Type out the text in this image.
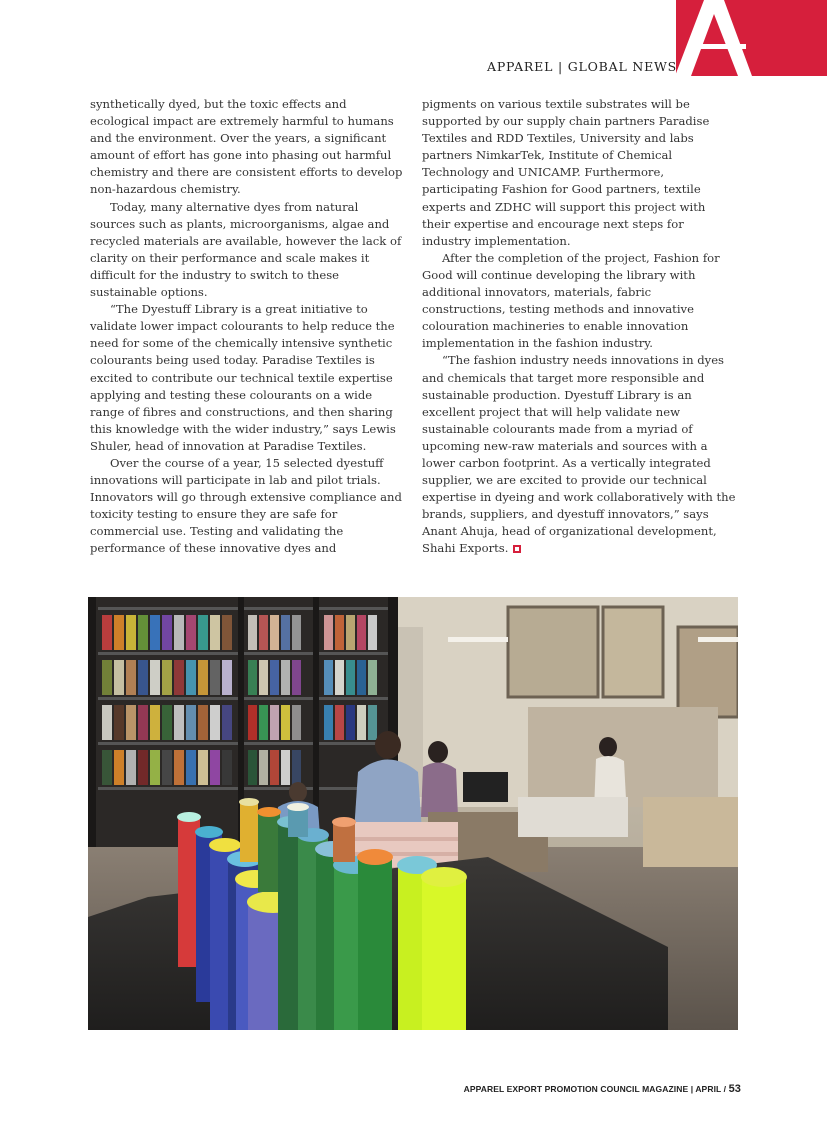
APPAREL | GLOBAL NEWS

synthetically dyed, but the toxic effects and ecological impact are extremely harmful to humans and the environment. Over the years, a significant amount of effort has gone into phasing out harmful chemistry and there are consistent efforts to develop non-hazardous chemistry.

Today, many alternative dyes from natural sources such as plants, microorganisms, algae and recycled materials are available, however the lack of clarity on their performance and scale makes it difficult for the industry to switch to these sustainable options.

“The Dyestuff Library is a great initiative to validate lower impact colourants to help reduce the need for some of the chemically intensive synthetic colourants being used today. Paradise Textiles is excited to contribute our technical textile expertise applying and testing these colourants on a wide range of fibres and constructions, and then sharing this knowledge with the wider industry,” says Lewis Shuler, head of innovation at Paradise Textiles.

Over the course of a year, 15 selected dyestuff innovations will participate in lab and pilot trials. Innovators will go through extensive compliance and toxicity testing to ensure they are safe for commercial use. Testing and validating the performance of these innovative dyes and

pigments on various textile substrates will be supported by our supply chain partners Paradise Textiles and RDD Textiles, University and labs partners NimkarTek, Institute of Chemical Technology and UNICAMP. Furthermore, participating Fashion for Good partners, textile experts and ZDHC will support this project with their expertise and encourage next steps for industry implementation.

After the completion of the project, Fashion for Good will continue developing the library with additional innovators, materials, fabric constructions, testing methods and innovative colouration machineries to enable innovation implementation in the fashion industry.

“The fashion industry needs innovations in dyes and chemicals that target more responsible and sustainable production. Dyestuff Library is an excellent project that will help validate new sustainable colourants made from a myriad of upcoming new-raw materials and sources with a lower carbon footprint. As a vertically integrated supplier, we are excited to provide our technical expertise in dyeing and work collaboratively with the brands, suppliers, and dyestuff innovators,” says Anant Ahuja, head of organizational development, Shahi Exports.

APPAREL EXPORT PROMOTION COUNCIL MAGAZINE | APRIL / 53
